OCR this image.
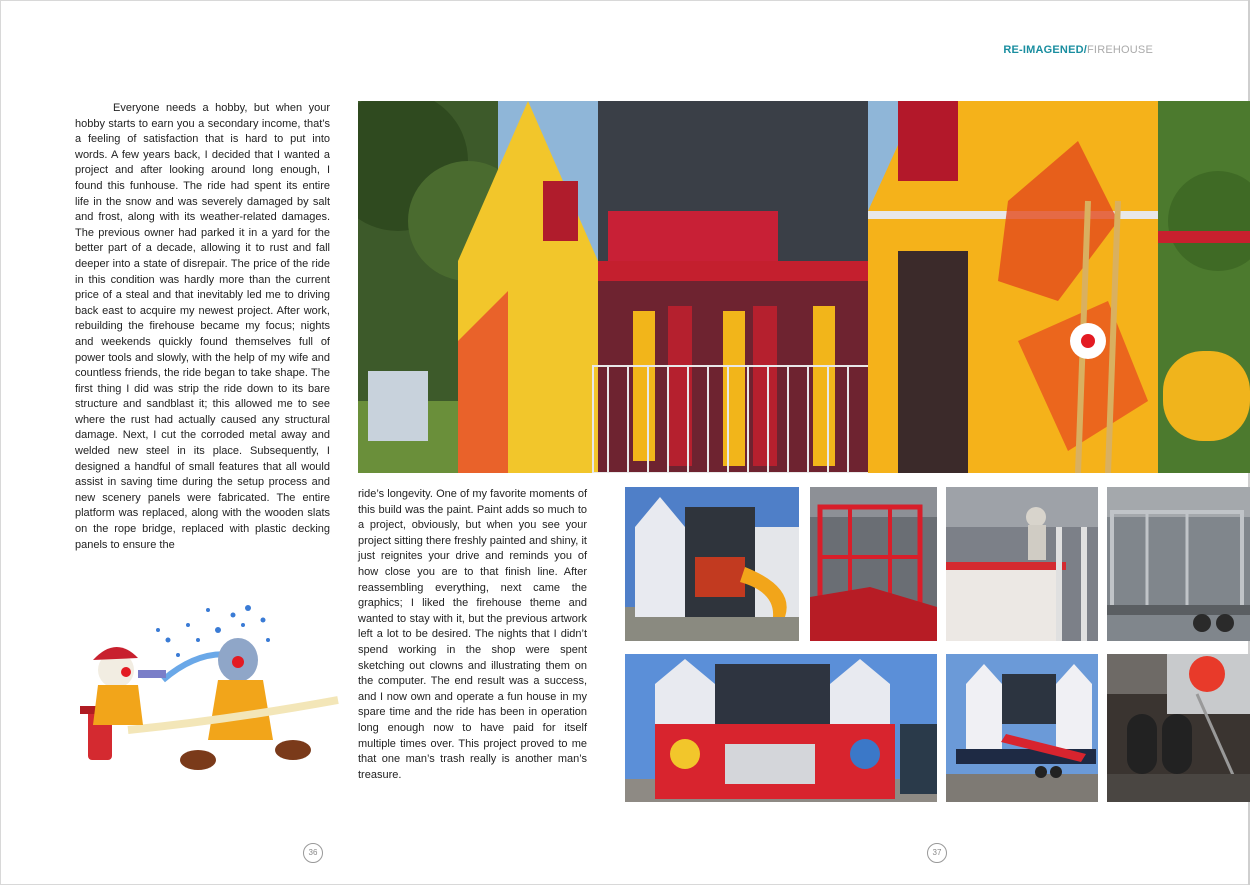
RE-IMAGENED/FIREHOUSE

Everyone needs a hobby, but when your hobby starts to earn you a secondary income, that’s a feeling of satisfaction that is hard to put into words. A few years back, I decided that I wanted a project and after looking around long enough, I found this funhouse. The ride had spent its entire life in the snow and was severely damaged by salt and frost, along with its weather-related damages. The previous owner had parked it in a yard for the better part of a decade, allowing it to rust and fall deeper into a state of disrepair. The price of the ride in this condition was hardly more than the current price of a steal and that inevitably led me to driving back east to acquire my newest project. After work, rebuilding the firehouse became my focus; nights and weekends quickly found themselves full of power tools and slowly, with the help of my wife and countless friends, the ride began to take shape. The first thing I did was strip the ride down to its bare structure and sandblast it; this allowed me to see where the rust had actually caused any structural damage. Next, I cut the corroded metal away and welded new steel in its place. Subsequently, I designed a handful of small features that all would assist in saving time during the setup process and new scenery panels were fabricated. The entire platform was replaced, along with the wooden slats on the rope bridge, replaced with plastic decking panels to ensure the

ride’s longevity. One of my favorite moments of this build was the paint. Paint adds so much to a project, obviously, but when you see your project sitting there freshly painted and shiny, it just reignites your drive and reminds you of how close you are to that finish line. After reassembling everything, next came the graphics; I liked the firehouse theme and wanted to stay with it, but the previous artwork left a lot to be desired. The nights that I didn’t spend working in the shop were spent sketching out clowns and illustrating them on the computer. The end result was a success, and I now own and operate a fun house in my spare time and the ride has been in operation long enough now to have paid for itself multiple times over. This project proved to me that one man’s trash really is another man’s treasure.

36	37
